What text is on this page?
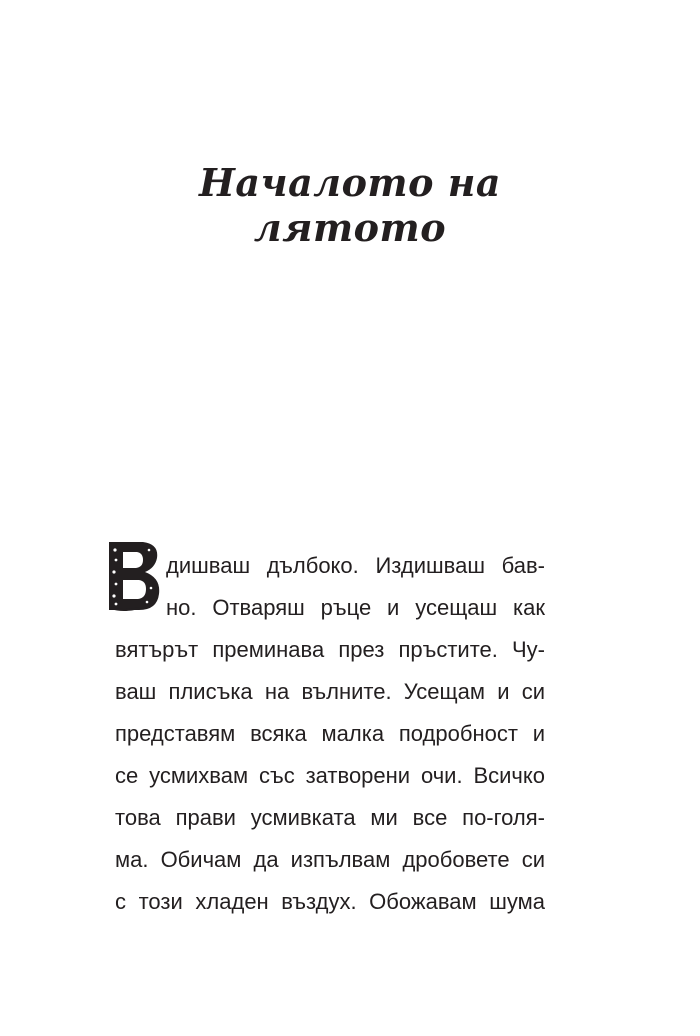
Началото на лятото
дишваш дълбоко. Издишваш бав-
но. Отваряш ръце и усещаш как
вятърът преминава през пръстите. Чу-
ваш плисъка на вълните. Усещам и си
представям всяка малка подробност и
се усмихвам със затворени очи. Всичко
това прави усмивката ми все по-голя-
ма. Обичам да изпълвам дробовете си
с този хладен въздух. Обожавам шума
